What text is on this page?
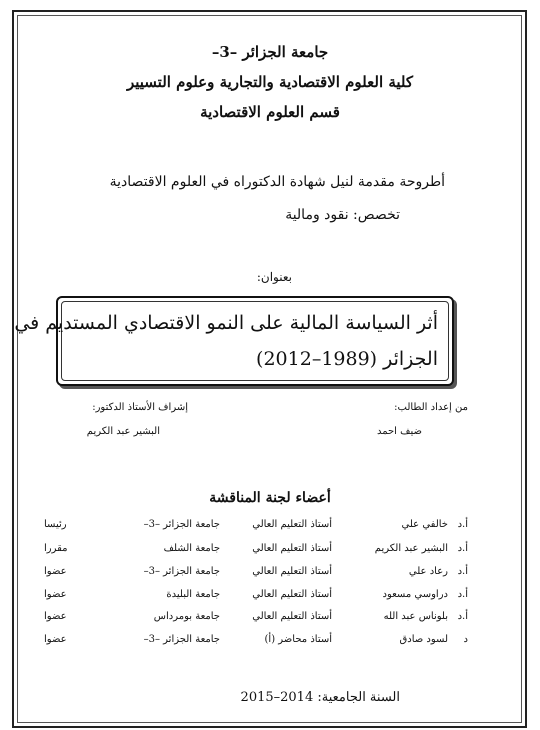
جامعة الجزائر –3–
كلية العلوم الاقتصادية والتجارية وعلوم التسيير
قسم العلوم الاقتصادية
أطروحة مقدمة لنيل شهادة الدكتوراه في العلوم الاقتصادية
تخصص: نقود ومالية
بعنوان:
أثر السياسة المالية على النمو الاقتصادي المستديم في
الجزائر (1989–2012)
من إعداد الطالب:
إشراف الأستاذ الدكتور:
ضيف احمد
البشير عبد الكريم
أعضاء لجنة المناقشة
أ.د
خالفي علي
أستاذ التعليم العالي
جامعة الجزائر –3–
رئيسا
أ.د
البشير عبد الكريم
أستاذ التعليم العالي
جامعة الشلف
مقررا
أ.د
رعاد علي
أستاذ التعليم العالي
جامعة الجزائر –3–
عضوا
أ.د
دراوسي مسعود
أستاذ التعليم العالي
جامعة البليدة
عضوا
أ.د
بلوناس عبد الله
أستاذ التعليم العالي
جامعة بومرداس
عضوا
د
لسود صادق
أستاذ محاضر (أ)
جامعة الجزائر –3–
عضوا
السنة الجامعية: 2014–2015
